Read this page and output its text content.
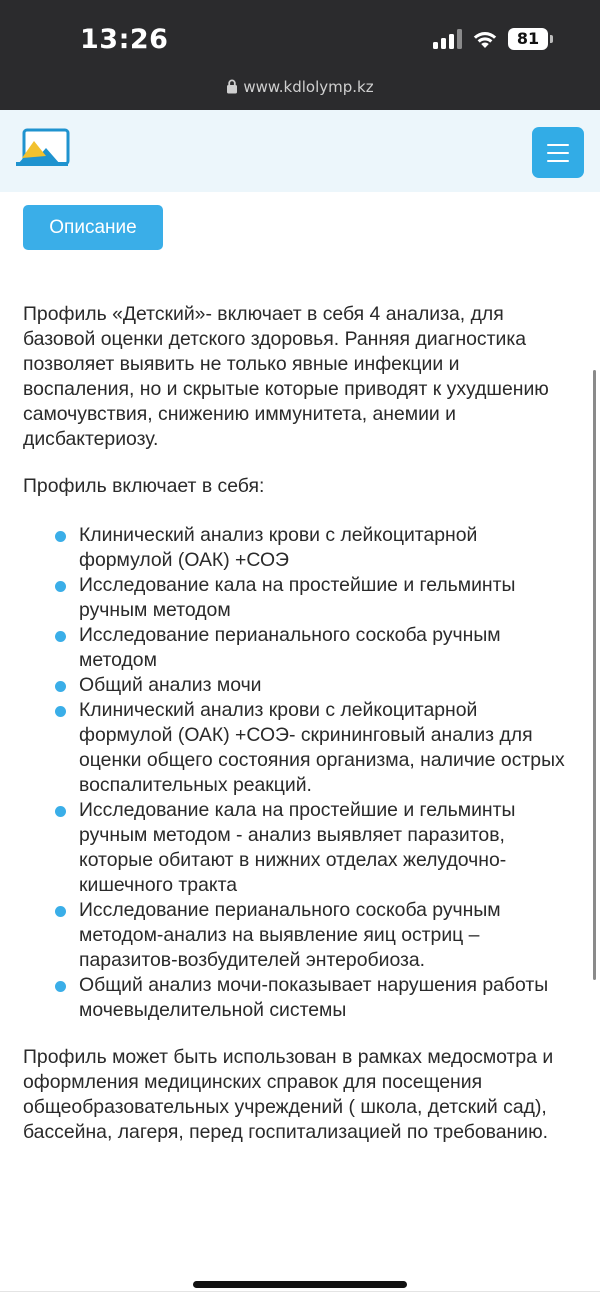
13:26	81
www.kdlolymp.kz
Описание

Профиль «Детский»- включает в себя 4 анализа, для базовой оценки детского здоровья. Ранняя диагностика позволяет выявить не только явные инфекции и воспаления, но и скрытые которые приводят к ухудшению самочувствия, снижению иммунитета, анемии и дисбактериозу.

Профиль включает в себя:

Клинический анализ крови с лейкоцитарной формулой (ОАК) +СОЭ
Исследование кала на простейшие и гельминты ручным методом
Исследование перианального соскоба ручным методом
Общий анализ мочи
Клинический анализ крови с лейкоцитарной формулой (ОАК) +СОЭ- скрининговый анализ для оценки общего состояния организма, наличие острых воспалительных реакций.
Исследование кала на простейшие и гельминты ручным методом - анализ выявляет паразитов, которые обитают в нижних отделах желудочно-кишечного тракта
Исследование перианального соскоба ручным методом-анализ на выявление яиц остриц – паразитов-возбудителей энтеробиоза.
Общий анализ мочи-показывает нарушения работы мочевыделительной системы

Профиль может быть использован в рамках медосмотра и оформления медицинских справок для посещения общеобразовательных учреждений ( школа, детский сад), бассейна, лагеря, перед госпитализацией по требованию.
